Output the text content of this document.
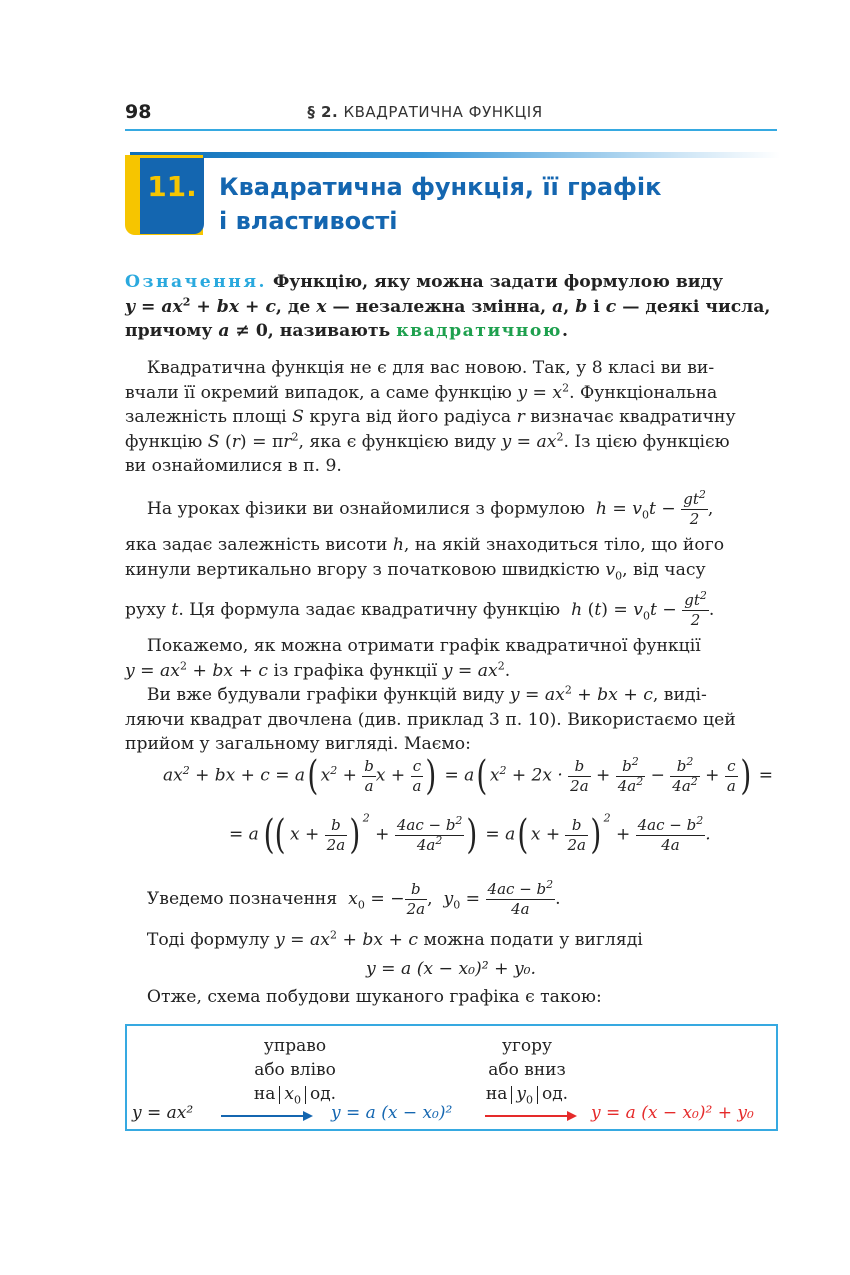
98	§ 2. КВАДРАТИЧНА ФУНКЦІЯ
11. Квадратична функція, її графік
і властивості
Означення. Функцію, яку можна задати формулою виду
$y = ax^2$ + bx + c, де x — незалежна змінна, a, b і c — деякі числа,
причому a ≠ 0, називають квадратичною.
Квадратична функція не є для вас новою. Так, у 8 класі ви ви-
вчали її окремий випадок, а саме функцію $y = x^2$. Функціональна
залежність площі S круга від його радіуса r визначає квадратичну
функцію S $(r) = \pi r^2$, яка є функцією виду $y = ax^2$. Із цією функцією
ви ознайомилися в п. 9.
На уроках фізики ви ознайомилися з формулою $h = v_0t - \frac{gt^2}{2}$ ,
яка задає залежність висоти h, на якій знаходиться тіло, що його
кинули вертикально вгору з початковою швидкістю $v_0$, від часу
руху t. Ця формула задає квадратичну функцію h $(t) = v_0t - \frac{gt^2}{2}$ .
Покажемо, як можна отримати графік квадратичної функції
$y = ax^2$ + bx + c із графіка функції $y = ax^2$.
Ви вже будували графіки функцій виду $y = ax^2$ + bx + c, виді-
ляючи квадрат двочлена (див. приклад 3 п. 10). Використаємо цей
прийом у загальному вигляді. Маємо:
$ax^2$ + bx + c = a( $x^2 + \frac{b}{a}$ $x + \frac{c}{a}$ ) = a( $x^2 + 2x \cdot \frac{b}{2a} + \frac{b^2}{4a^2} - \frac{b^2}{4a^2} + \frac{c}{a}$ ) =
= a (( $x + \frac{b}{2a}$ ) $^2 + \frac{4ac - b^2}{4a^2}$ ) = a( $x + \frac{b}{2a}$ ) $^2 + \frac{4ac - b^2}{4a}$ .
Уведемо позначення $x_0$ = − $\frac{b}{2a}$ ,  $y_0 = \frac{4ac - b^2}{4a}$ .
Тоді формулу $y = ax^2$ + bx + c можна подати у вигляді
y = a (x − x₀)² + y₀.
Отже, схема побудови шуканого графіка є такою:
управо
або вліво
на $x_0$ од.
угору
або вниз
на $y_0$ од.
y = ax²	y = a (x − x₀)²	y = a (x − x₀)² + y₀
